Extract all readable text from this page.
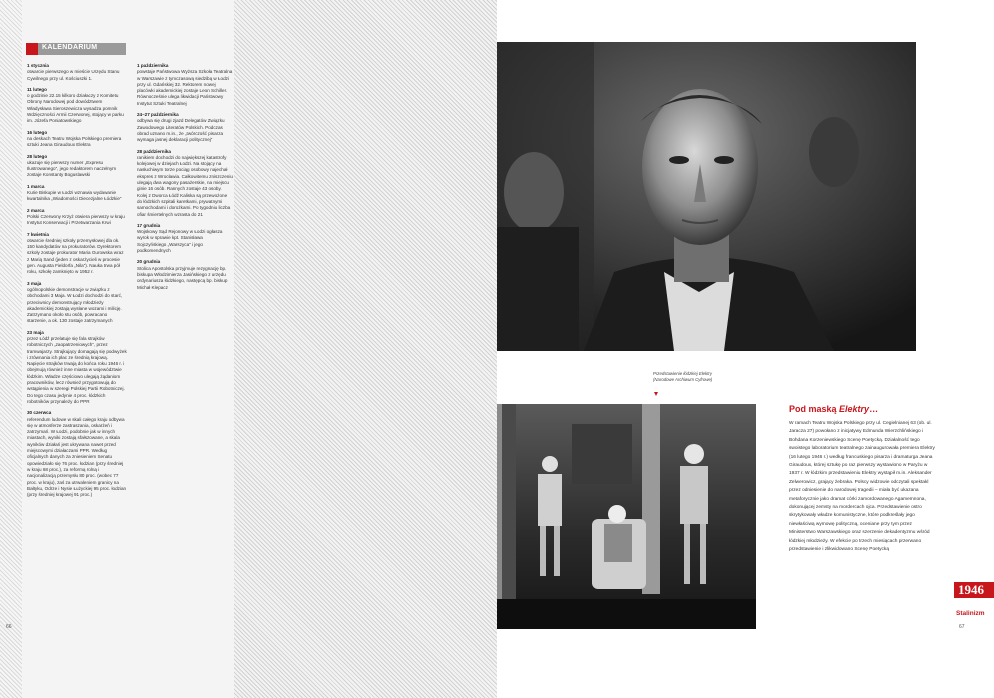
KALENDARIUM
1 stycznia
otwarcie pierwszego w mieście Urzędu Stanu Cywilnego przy ul. Kościuszki 1.
11 lutego
o godzinie 22.15 kilkoro działaczy z Komitetu Obrony Narodowej pod dowództwem Władysława Sieroszewicza wysadza pomnik Wdzięczności Armii Czerwonej, stojący w parku im. Józefa Poniatowskiego
16 lutego
na deskach Teatru Wojska Polskiego premiera sztuki Jeana Giraudoux Elektra
28 lutego
ukazuje się pierwszy numer „Expresu Ilustrowanego”, jego redaktorem naczelnym zostaje Konstanty Boguslawski
1 marca
Kurie Biskupie w Łodzi wznawia wydawanie kwartalnika „Wiadomości Diecezjalne Łódzkie”
2 marca
Polski Czerwony Krzyż otwiera pierwszy w kraju Instytut Konserwacji i Przetwarzania Krwi
7 kwietnia
otwarcie średniej szkoły przemysłowej dla ok. 150 kandydatów na prokuratorów. Dyrektorem szkoły zostaje prokurator Maria Gurowska wraz z Marią Sand (jeden z oskarżycieli w procesie gen. Augusta Fieldorfa „Nila”). Nauka trwa pół roku, szkołę zamknięto w 1952 r.
3 maja
ogólnopolskie demonstracje w związku z obchodami 3 Maja. W Łodzi dochodzi do starć, przeciwnicy demonstrujący młodzieży akademickiej zostają wysłane wozami i milicję. Zatrzymano około stu osób, powracano starzenie, a ok. 130 zostaje zatrzymanych
23 maja
przez Łódź przelatuje się fala strajków robotniczych „zaopatrzeniowych”, przez tramwajarzy. Strajkujący domagają się podwyżek i zrównania ich płac ze średnią krajową. Napięcie strajków trwają do końca roku 1946 r. i obejmują również inne miasta w województwie łódzkim. Władze częściowo ulegają żądaniom pracowników, lecz również przygotowują do wstąpienia w szeregi Polskiej Partii Robotniczej. Do tego czasu jedynie 4 proc. łódzkich robotników przynależy do PPR
30 czerwca
referendum ludowe w skali całego kraju odbywa się w atmosferze zastraszania, oskarżeń i zatrzymań. W Łodzi, podobnie jak w innych miastach, wyniki zostają sfałszowane, a skala wyników działań jest ukrywana nawet przed miejscowymi działaczami PPR. Według oficjalnych danych za zniesieniem Senatu opowiedziało się 76 proc. łodzian (przy średniej w kraju 68 proc.), za reformą rolną i nacjonalizacją przemysłu 80 proc. (wobec 77 proc. w kraju), zaś za utrwaleniem granicy na Bałtyku, Odrze i Nysie Łużyckiej 95 proc. łodzian (przy średniej krajowej 91 proc.)
1 października
powstaje Państwowa Wyższa Szkoła Teatralna w Warszawie z tymczasową siedzibą w Łodzi przy ul. Gdańskiej 32. Rektorem nowej placówki akademickiej zostaje Leon Schiller. Równocześnie ulega likwidacji Państwowy Instytut Sztuki Teatralnej
24–27 października
odbywa się drugi zjazd Delegatów Związku Zawodowego Literatów Polskich. Podczas obrad uznano m.in., że „twórczość pisarza wymaga jasnej deklaracji politycznej”
28 października
ranikiem dochodzi do największej katastrofy kolejowej w dziejach Łodzi. Na stojący na nasłuchiwym torze pociąg osobowy najechał ekspres z Wrocławia. Całkowitemu zniszczeniu ulegają dwa wagony pasażerskie, na miejscu ginie 16 osób. Rannych zostaje 43 osoby. Kolej z Dworca Łódź Kaliska są przewożone do łódzkich szpitali karetkami, prywatnymi samochodami i dorożkami. Po tygodniu liczba ofiar śmiertelnych wzrasta do 21
17 grudnia
Wojskowy Sąd Rejonowy w Łodzi ogłasza wyrok w sprawie kpt. Stanisława Sojczyńskiego „Warszyca” i jego podkomendnych
20 grudnia
Stolica Apostolska przyjmuje rezygnację bp. biskupa Włodzimierza Jasińskiego z urzędu ordynariusza łódzkiego, następcą bp. biskup Michał Klepacz
66

Przedstawienie łódzkiej Elektry
(Narodowe Archiwum Cyfrowe)
Pod maską Elektry…
W ramach Teatru Wojska Polskiego przy ul. Cegielnianej 63 (ob. ul. Jaracza 27) powołano z inicjatywy Edmunda Wierzchlińskiego i Bohdana Korzeniewskiego Scenę Poetycką. Działalność tego swoistego laboratorium teatralnego zainaugurowała premiera Elektry (16 lutego 1946 r.) według francuskiego pisarza i dramaturga Jeana Giraudoux, której sztukę po raz pierwszy wystawiono w Paryżu w 1937 r. W łódzkim przedstawieniu Elektry wystąpił m.in. Aleksander Zelwerowicz, grający żebraka. Polscy widzowie odczytali spektakl przez odniesienie do narodowej tragedii – miała być ukazana metaforycznie jako dramat córki zamordowanego Agamemnona, dokonującej zemsty na mordercach ojca. Przedstawienie ostro skrytykowały władze komunistyczne, które podkreślały jego niewłaściwą wymowę polityczną, oceniane przy tym przez Ministerstwo Warszawskiego oraz szerzenie dekadentyzmu wśród łódzkiej młodzieży. W efekcie po trzech miesiącach przerwano przedstawienie i zlikwidowano Scenę Poetycką
67
1946
Stalinizm
